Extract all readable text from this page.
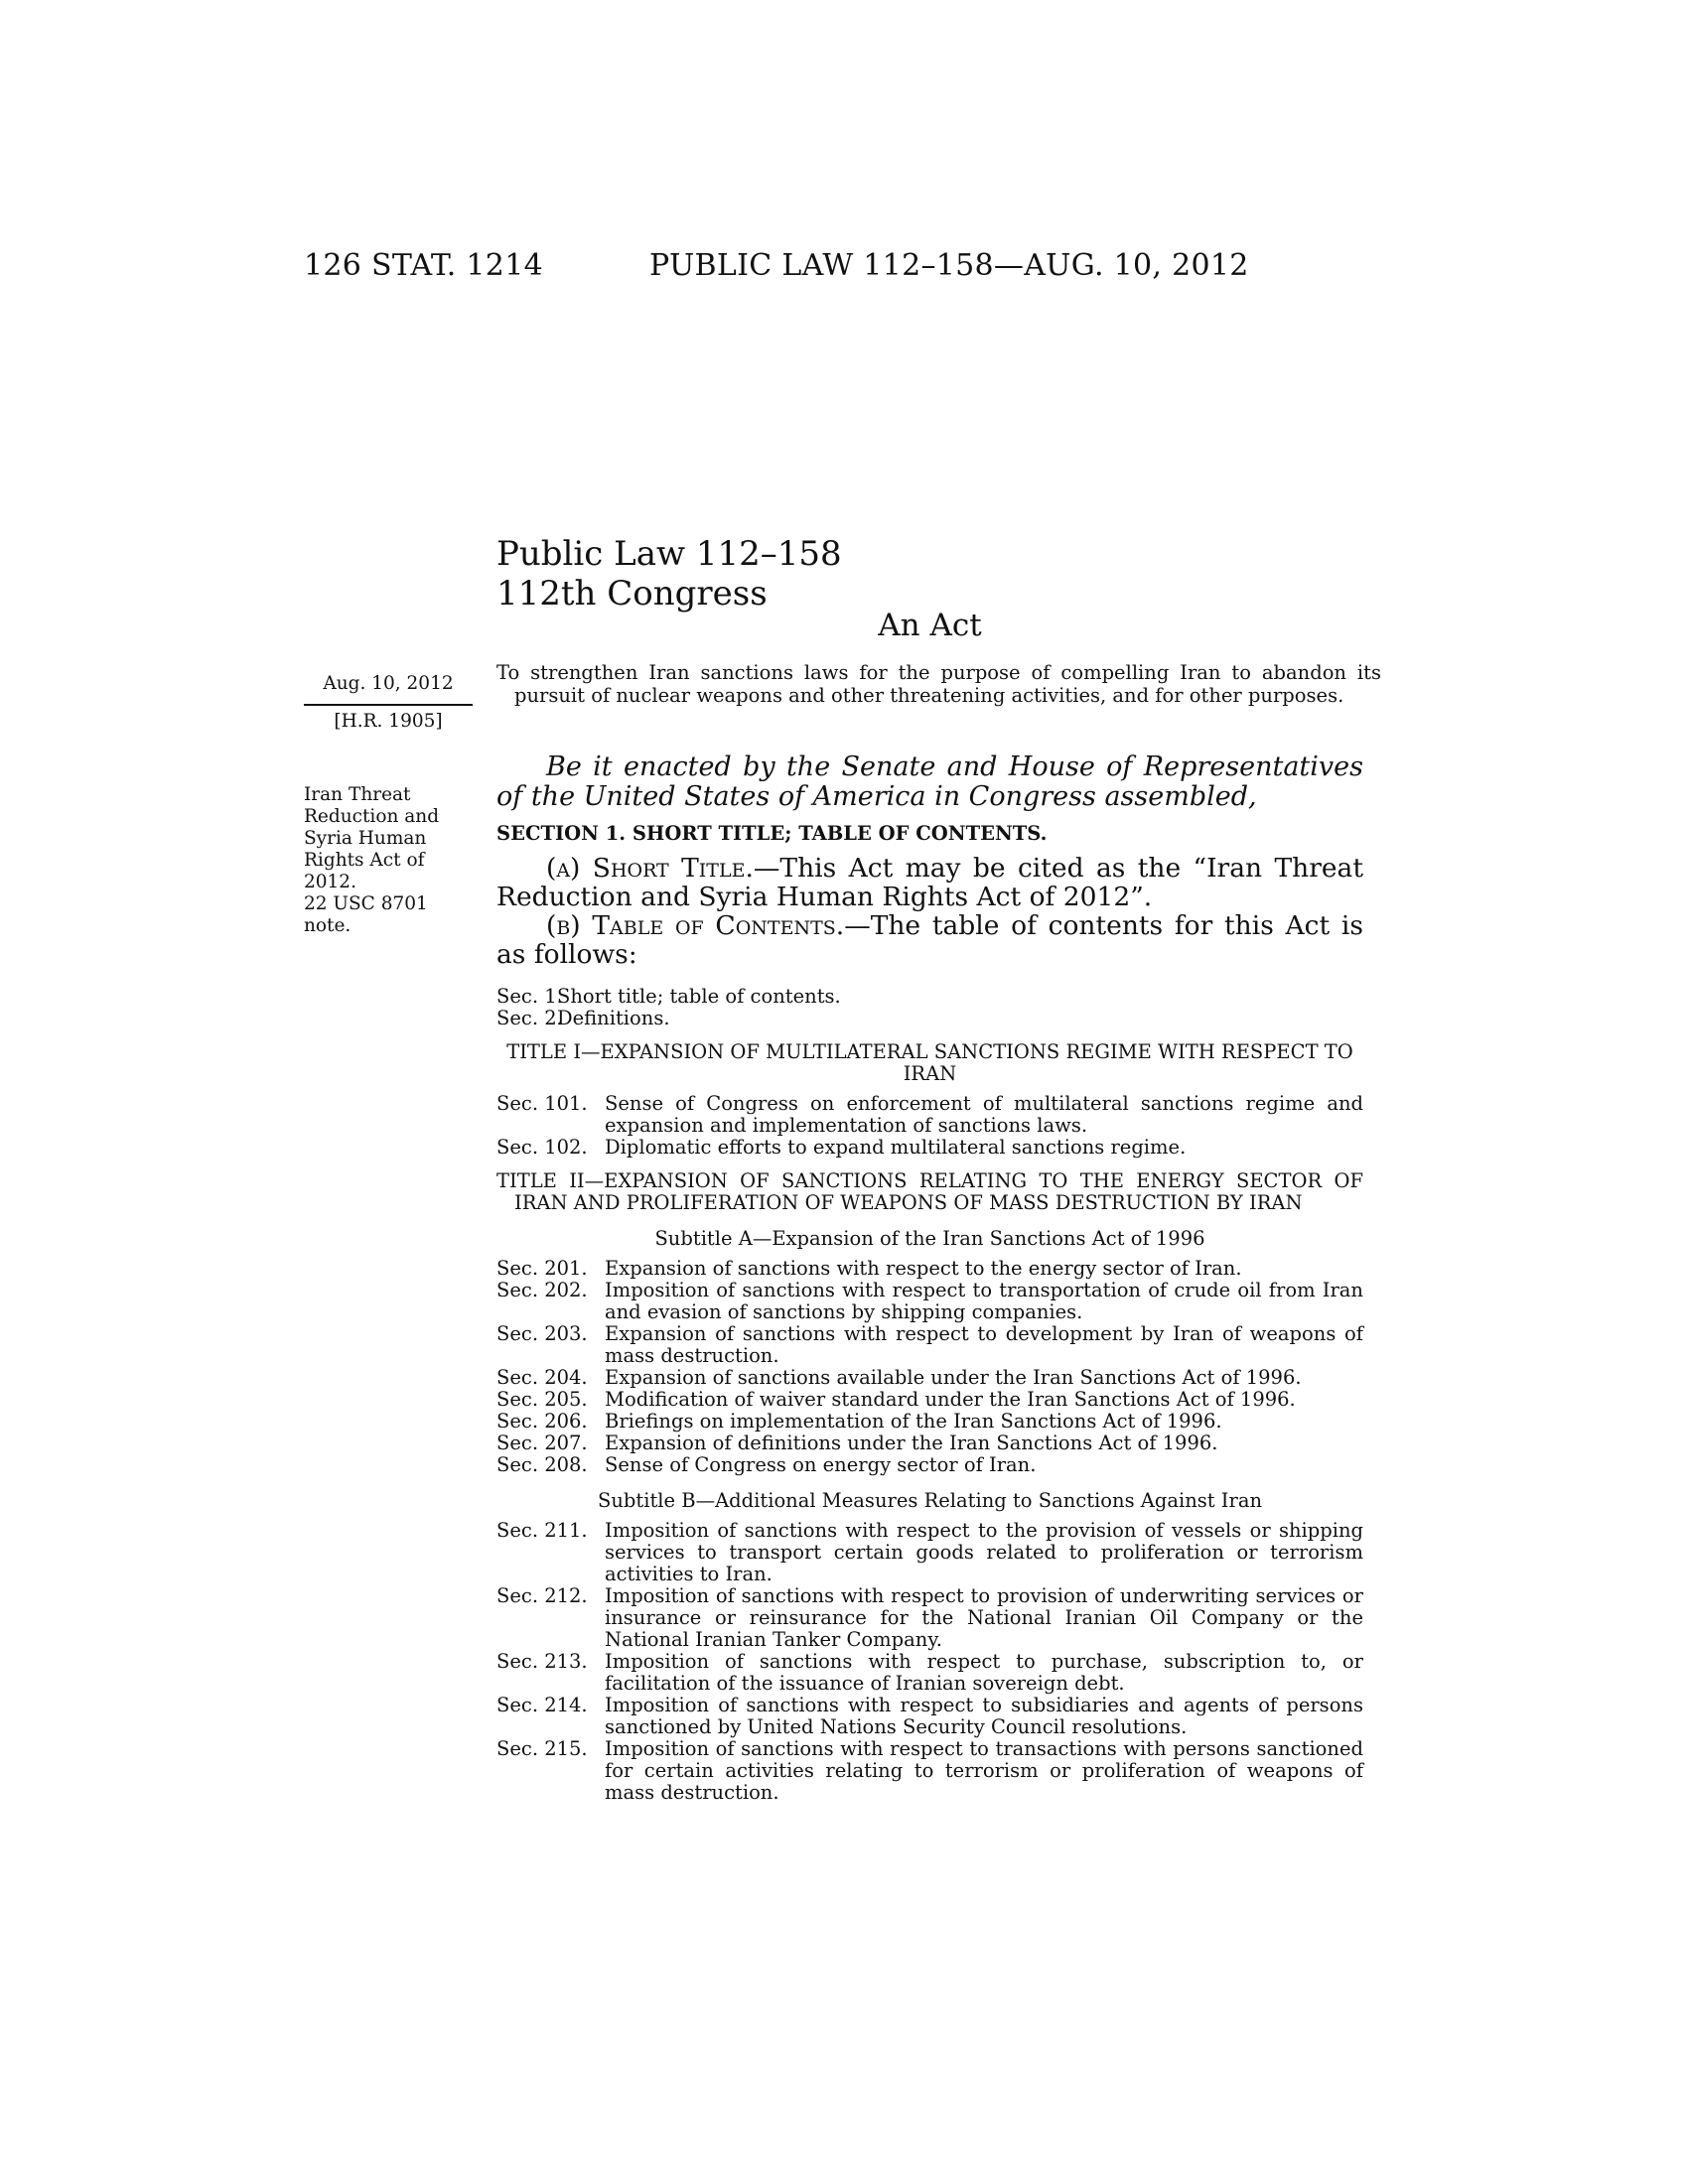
126 STAT. 1214	PUBLIC LAW 112–158—AUG. 10, 2012
Public Law 112–158
112th Congress
An Act
Aug. 10, 2012
[H.R. 1905]
Iran Threat
Reduction and
Syria Human
Rights Act of
2012.
22 USC 8701
note.
To strengthen Iran sanctions laws for the purpose of compelling Iran to abandon its pursuit of nuclear weapons and other threatening activities, and for other purposes.
Be it enacted by the Senate and House of Representatives of the United States of America in Congress assembled,
SECTION 1. SHORT TITLE; TABLE OF CONTENTS.
(a) Short Title.—This Act may be cited as the “Iran Threat Reduction and Syria Human Rights Act of 2012”.
(b) Table of Contents.—The table of contents for this Act is as follows:
Sec. 1.
Short title; table of contents.
Sec. 2.
Definitions.
TITLE I—EXPANSION OF MULTILATERAL SANCTIONS REGIME WITH RESPECT TO IRAN
Sec. 101. Sense of Congress on enforcement of multilateral sanctions regime and expansion and implementation of sanctions laws.
Sec. 102. Diplomatic efforts to expand multilateral sanctions regime.
TITLE II—EXPANSION OF SANCTIONS RELATING TO THE ENERGY SECTOR OF IRAN AND PROLIFERATION OF WEAPONS OF MASS DESTRUCTION BY IRAN
Subtitle A—Expansion of the Iran Sanctions Act of 1996
Sec. 201. Expansion of sanctions with respect to the energy sector of Iran.
Sec. 202. Imposition of sanctions with respect to transportation of crude oil from Iran and evasion of sanctions by shipping companies.
Sec. 203. Expansion of sanctions with respect to development by Iran of weapons of mass destruction.
Sec. 204. Expansion of sanctions available under the Iran Sanctions Act of 1996.
Sec. 205. Modification of waiver standard under the Iran Sanctions Act of 1996.
Sec. 206. Briefings on implementation of the Iran Sanctions Act of 1996.
Sec. 207. Expansion of definitions under the Iran Sanctions Act of 1996.
Sec. 208. Sense of Congress on energy sector of Iran.
Subtitle B—Additional Measures Relating to Sanctions Against Iran
Sec. 211. Imposition of sanctions with respect to the provision of vessels or shipping services to transport certain goods related to proliferation or terrorism activities to Iran.
Sec. 212. Imposition of sanctions with respect to provision of underwriting services or insurance or reinsurance for the National Iranian Oil Company or the National Iranian Tanker Company.
Sec. 213. Imposition of sanctions with respect to purchase, subscription to, or facilitation of the issuance of Iranian sovereign debt.
Sec. 214. Imposition of sanctions with respect to subsidiaries and agents of persons sanctioned by United Nations Security Council resolutions.
Sec. 215. Imposition of sanctions with respect to transactions with persons sanctioned for certain activities relating to terrorism or proliferation of weapons of mass destruction.
